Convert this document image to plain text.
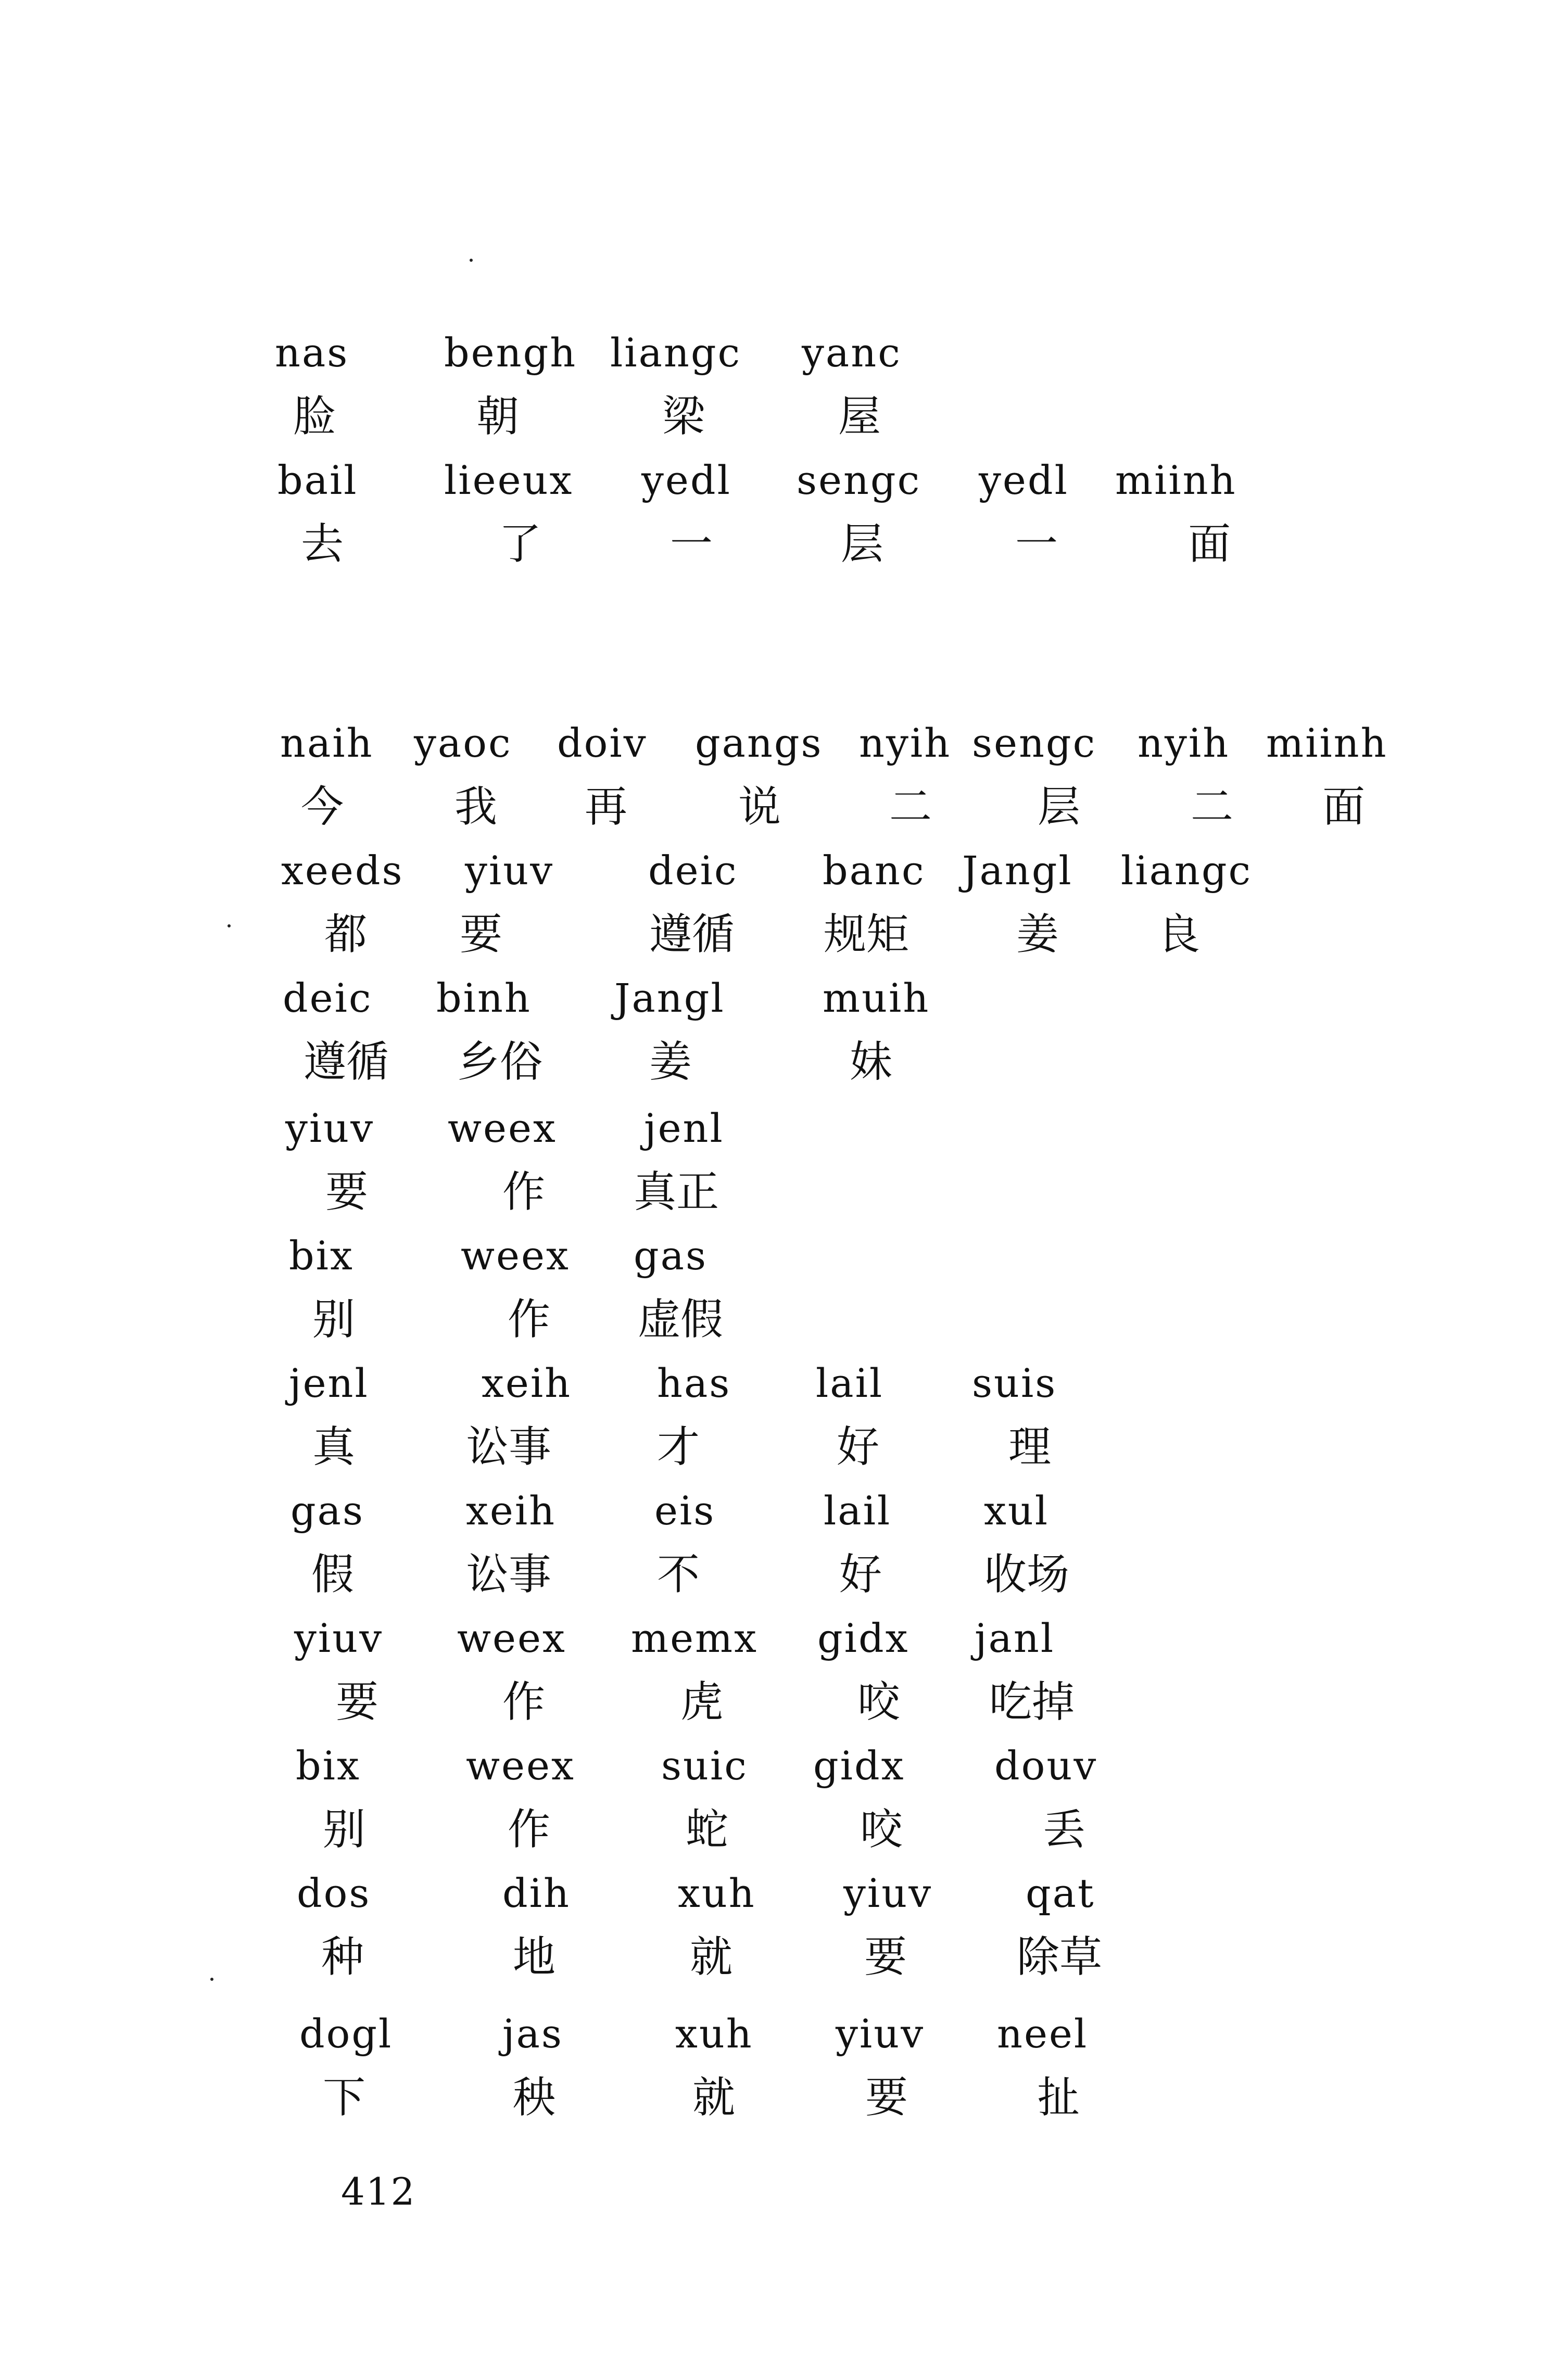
nas bengh liangc yanc
脸	朝	梁	屋
bail lieeux yedl sengc yedl miinh
去	了	一	层	一	面
naih yaoc doiv gangs nyih sengc nyih miinh
今	我 再	说	二 层	二 面
xeeds yiuv deic banc Jangl liangc
都 要	遵循 规矩	姜 良
deic binh Jangl muih
遵循 乡俗 姜	妹
yiuv weex jenl
要	作 真正
bix	weex gas
别	作 虚假
jenl	xeih has lail suis
真	讼事 才	好	理
gas	xeih eis	lail xul
假	讼事 不	好 收场
yiuv weex memx gidx janl
要	作	虎	咬 吃掉
bix	weex suic gidx douv
别	作	蛇	咬	丢
dos	dih	xuh yiuv qat
种	地	就	要	除草
dogl	jas	xuh yiuv neel
下	秧	就	要	扯
412
